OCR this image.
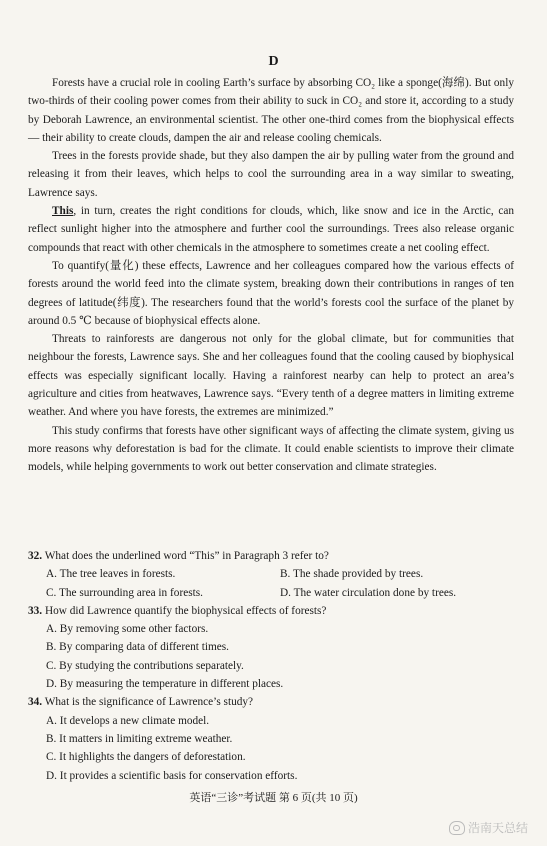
D

Forests have a crucial role in cooling Earth’s surface by absorbing CO₂ like a sponge(海绵). But only two-thirds of their cooling power comes from their ability to suck in CO₂ and store it, according to a study by Deborah Lawrence, an environmental scientist. The other one-third comes from the biophysical effects — their ability to create clouds, dampen the air and release cooling chemicals.

Trees in the forests provide shade, but they also dampen the air by pulling water from the ground and releasing it from their leaves, which helps to cool the surrounding area in a way similar to sweating, Lawrence says.

This, in turn, creates the right conditions for clouds, which, like snow and ice in the Arctic, can reflect sunlight higher into the atmosphere and further cool the surroundings. Trees also release organic compounds that react with other chemicals in the atmosphere to sometimes create a net cooling effect.

To quantify(量化) these effects, Lawrence and her colleagues compared how the various effects of forests around the world feed into the climate system, breaking down their contributions in ranges of ten degrees of latitude(纬度). The researchers found that the world’s forests cool the surface of the planet by around 0.5 ℃ because of biophysical effects alone.

Threats to rainforests are dangerous not only for the global climate, but for communities that neighbour the forests, Lawrence says. She and her colleagues found that the cooling caused by biophysical effects was especially significant locally. Having a rainforest nearby can help to protect an area’s agriculture and cities from heatwaves, Lawrence says. “Every tenth of a degree matters in limiting extreme weather. And where you have forests, the extremes are minimized.”

This study confirms that forests have other significant ways of affecting the climate system, giving us more reasons why deforestation is bad for the climate. It could enable scientists to improve their climate models, while helping governments to work out better conservation and climate strategies.

32. What does the underlined word “This” in Paragraph 3 refer to?
A. The tree leaves in forests.	B. The shade provided by trees.
C. The surrounding area in forests.	D. The water circulation done by trees.
33. How did Lawrence quantify the biophysical effects of forests?
A. By removing some other factors.
B. By comparing data of different times.
C. By studying the contributions separately.
D. By measuring the temperature in different places.
34. What is the significance of Lawrence’s study?
A. It develops a new climate model.
B. It matters in limiting extreme weather.
C. It highlights the dangers of deforestation.
D. It provides a scientific basis for conservation efforts.
英语“三诊”考试题 第 6 页(共 10 页)
浩南天总结
